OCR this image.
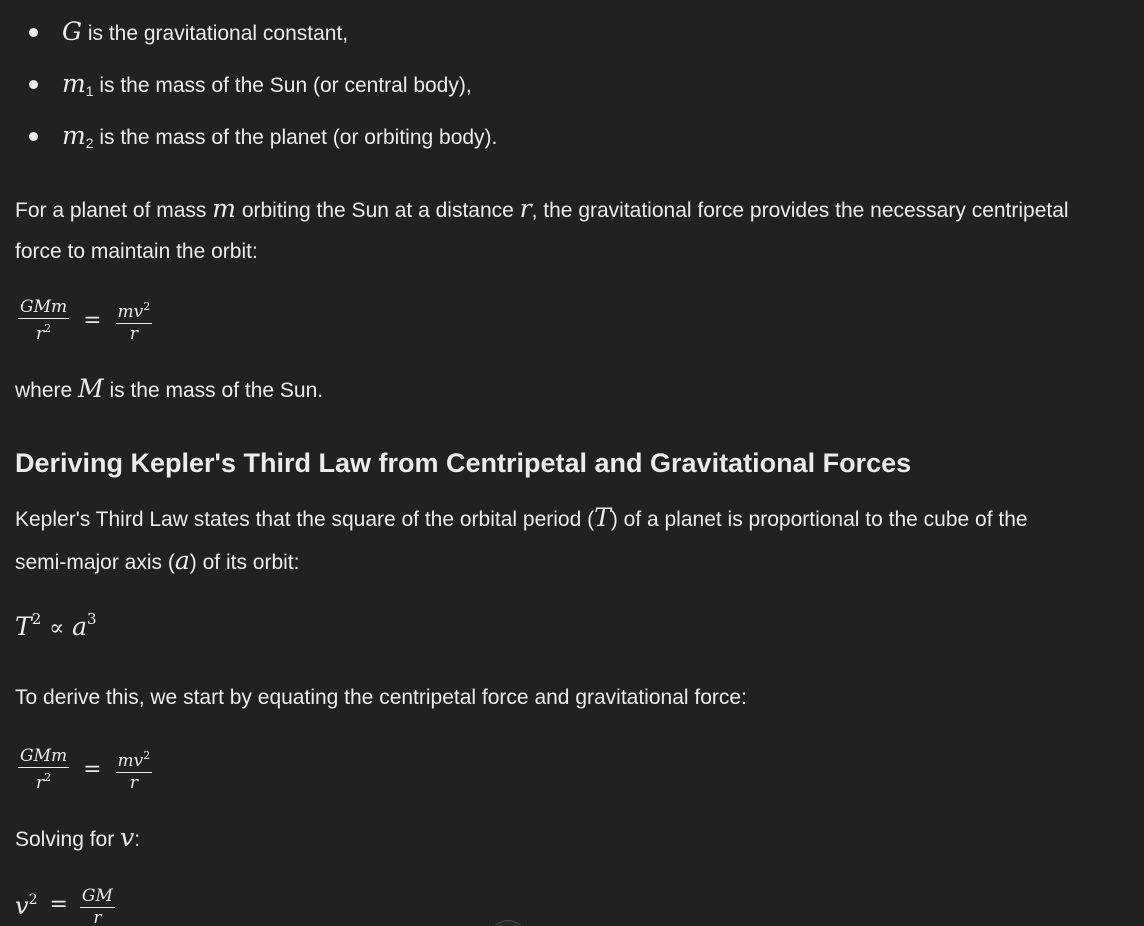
G is the gravitational constant,
$m_1$ is the mass of the Sun (or central body),
$m_2$ is the mass of the planet (or orbiting body).

For a planet of mass m orbiting the Sun at a distance r, the gravitational force provides the necessary centripetal force to maintain the orbit:

$\frac{\text{GMm}}{r^2} = \frac{mv^2}{r}$

where M is the mass of the Sun.

Deriving Kepler's Third Law from Centripetal and Gravitational Forces

Kepler's Third Law states that the square of the orbital period (T) of a planet is proportional to the cube of the semi-major axis (a) of its orbit:

$T^2 \propto a^3$

To derive this, we start by equating the centripetal force and gravitational force:

$\frac{\text{GMm}}{r^2} = \frac{mv^2}{r}$

Solving for v:

$v^2 = \frac{GM}{r}$
